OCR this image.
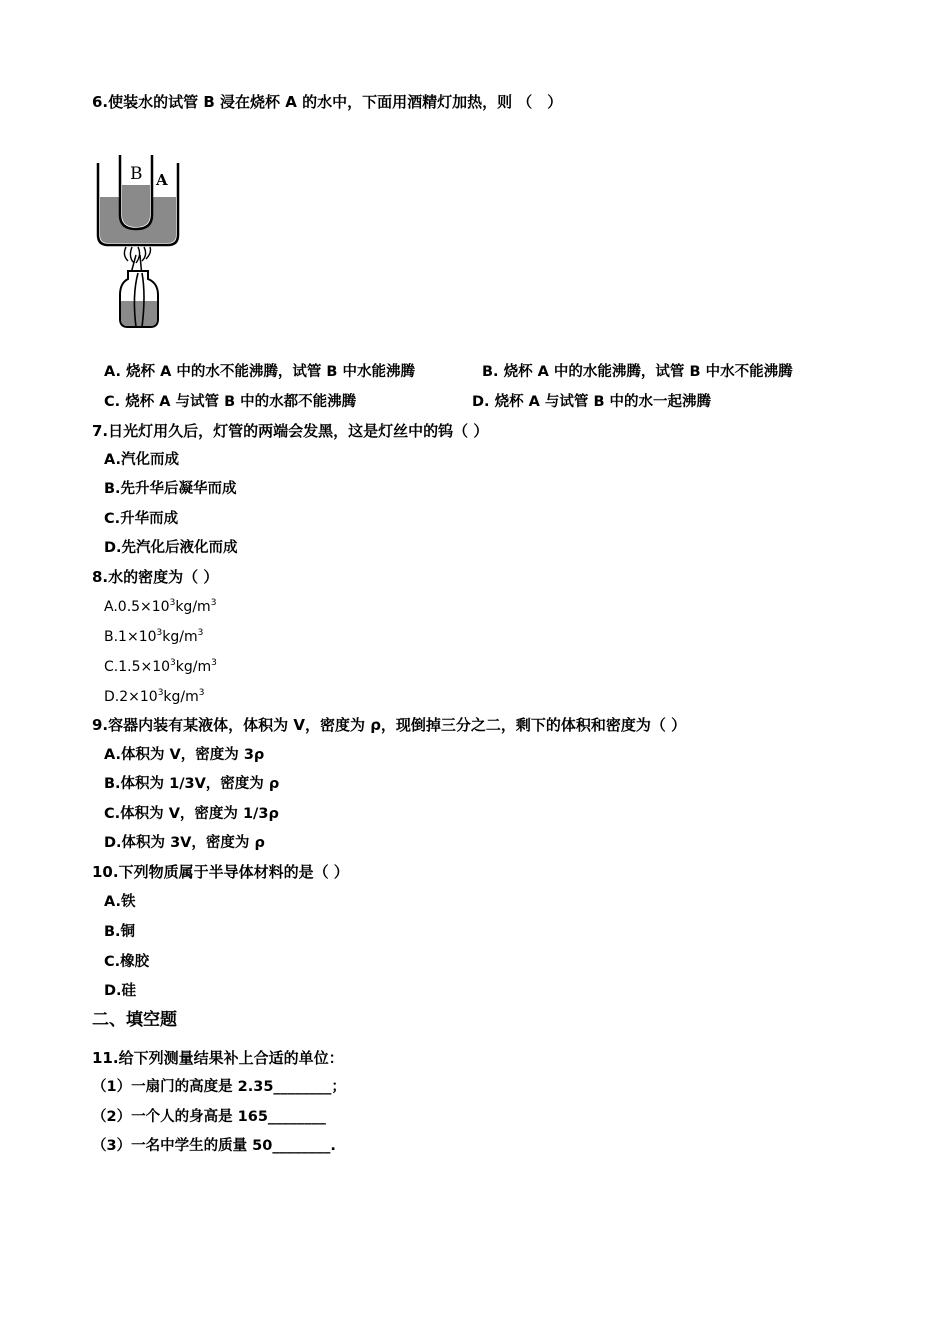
6.使装水的试管 B 浸在烧杯 A 的水中，下面用酒精灯加热，则 （　）
B A
A. 烧杯 A 中的水不能沸腾，试管 B 中水能沸腾	B. 烧杯 A 中的水能沸腾，试管 B 中水不能沸腾
C. 烧杯 A 与试管 B 中的水都不能沸腾	D. 烧杯 A 与试管 B 中的水一起沸腾
7.日光灯用久后，灯管的两端会发黑，这是灯丝中的钨（ ）
A.汽化而成
B.先升华后凝华而成
C.升华而成
D.先汽化后液化而成
8.水的密度为（ ）
$A.0.5\times 10^3kg/m^3$
$B.1\times 10^3kg/m^3$
$C.1.5\times 10^3kg/m^3$
$D.2\times 10^3kg/m^3$
9.容器内装有某液体，体积为 V，密度为 ρ，现倒掉三分之二，剩下的体积和密度为（ ）
A.体积为 V，密度为 3ρ
B.体积为 1/3V，密度为 ρ
C.体积为 V，密度为 1/3ρ
D.体积为 3V，密度为 ρ
10.下列物质属于半导体材料的是（ ）
A.铁
B.铜
C.橡胶
D.硅
二、填空题
11.给下列测量结果补上合适的单位：
（1）一扇门的高度是 2.35________；
（2）一个人的身高是 165________
（3）一名中学生的质量 50________.
